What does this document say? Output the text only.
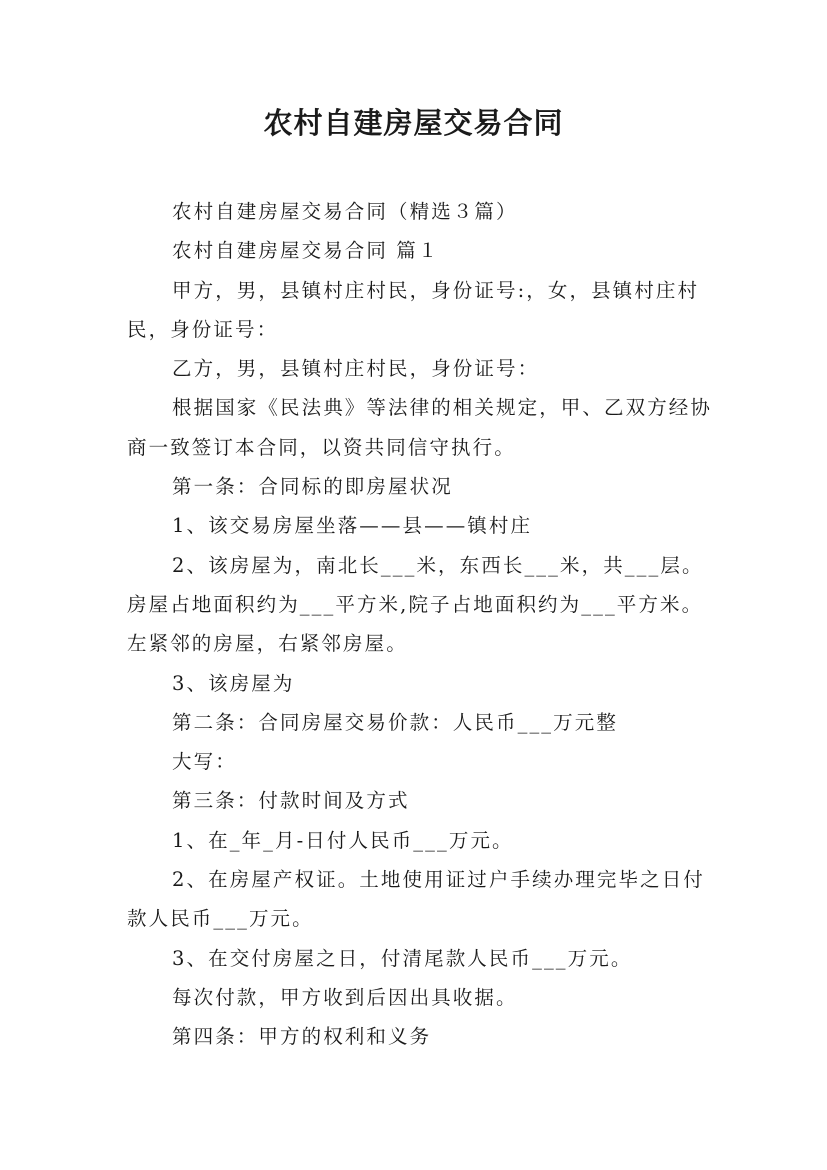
农村自建房屋交易合同

农村自建房屋交易合同（精选３篇）

农村自建房屋交易合同 篇１

甲方，男，县镇村庄村民，身份证号:，女，县镇村庄村民，身份证号：

乙方，男，县镇村庄村民，身份证号：

根据国家《民法典》等法律的相关规定，甲、乙双方经协商一致签订本合同，以资共同信守执行。

第一条：合同标的即房屋状况

1、该交易房屋坐落——县——镇村庄

2、该房屋为，南北长___米，东西长___米，共___层。房屋占地面积约为___平方米,院子占地面积约为___平方米。左紧邻的房屋，右紧邻房屋。

3、该房屋为

第二条：合同房屋交易价款：人民币___万元整

大写：

第三条：付款时间及方式

1、在_年_月-日付人民币___万元。

2、在房屋产权证。土地使用证过户手续办理完毕之日付款人民币___万元。

3、在交付房屋之日，付清尾款人民币___万元。

每次付款，甲方收到后因出具收据。

第四条：甲方的权利和义务
